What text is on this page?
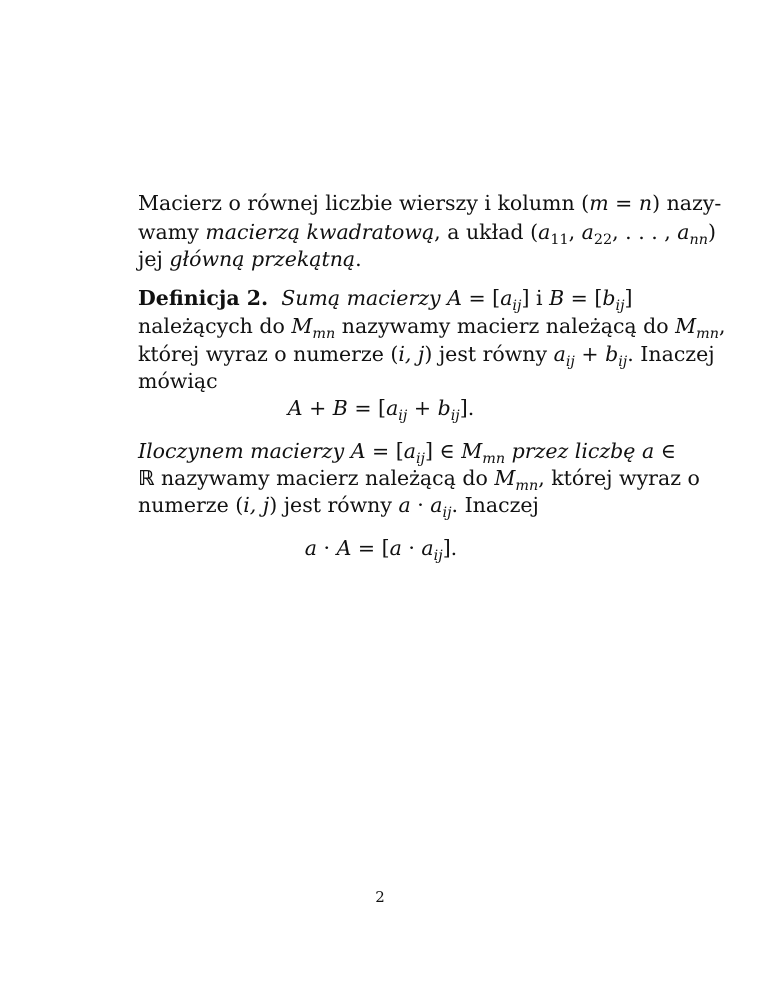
Macierz o równej liczbie wierszy i kolumn (m = n) nazy-
wamy macierzą kwadratową, a układ ($a_{11}$, $a_{22}$, . . . , $a_{nn}$)
jej główną przekątną.
Definicja 2. Sumą macierzy $A = [a_{ij}]$ i $B = [b_{ij}]$
należących do $M_{mn}$ nazywamy macierz należącą do $M_{mn}$,
której wyraz o numerze (i, j) jest równy $a_{ij} + b_{ij}$. Inaczej
mówiąc
$A + B = [a_{ij} + b_{ij}]$.
Iloczynem macierzy $A = [a_{ij}]$ ∈ $M_{mn}$ przez liczbę a ∈
ℝ nazywamy macierz należącą do $M_{mn}$, której wyraz o
numerze (i, j) jest równy $a \cdot a_{ij}$. Inaczej
$a \cdot A = [a \cdot a_{ij}]$.
2
